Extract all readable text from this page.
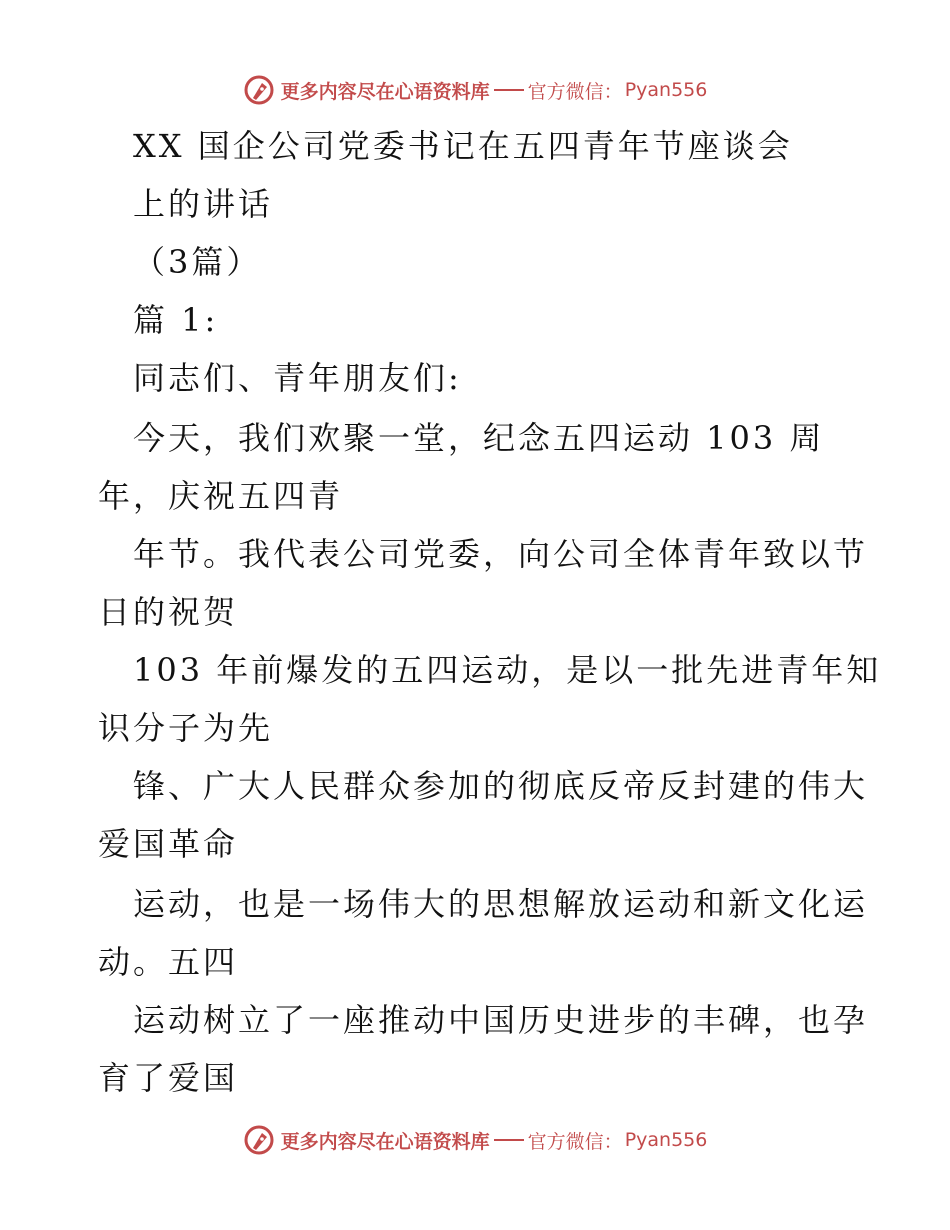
更多内容尽在心语资料库 官方微信： Pyan556
XX 国企公司党委书记在五四青年节座谈会
上的讲话
（3篇）
篇 1:
同志们、青年朋友们:
今天，我们欢聚一堂，纪念五四运动 103 周
年，庆祝五四青
年节。我代表公司党委，向公司全体青年致以节
日的祝贺
103 年前爆发的五四运动，是以一批先进青年知
识分子为先
锋、广大人民群众参加的彻底反帝反封建的伟大
爱国革命
运动，也是一场伟大的思想解放运动和新文化运
动。五四
运动树立了一座推动中国历史进步的丰碑，也孕
育了爱国
更多内容尽在心语资料库 官方微信： Pyan556
